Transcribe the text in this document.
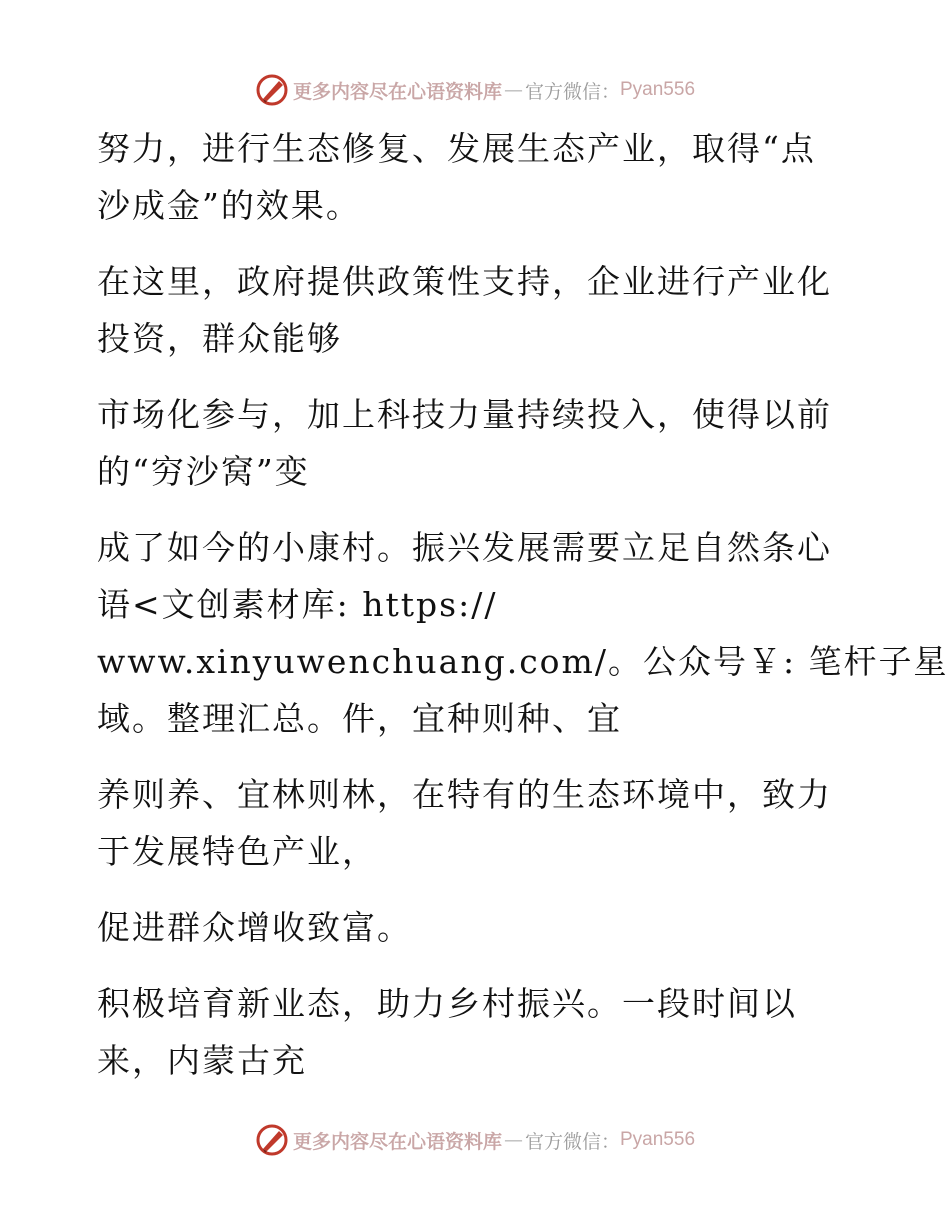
更多内容尽在心语资料库 — 官方微信： Pyan556

努力，进行生态修复、发展生态产业，取得“点
沙成金”的效果。

在这里，政府提供政策性支持，企业进行产业化
投资，群众能够

市场化参与，加上科技力量持续投入，使得以前
的“穷沙窝”变

成了如今的小康村。振兴发展需要立足自然条心
语<文创素材库: https://
www.xinyuwenchuang.com/。公众号￥: 笔杆子星
域。整理汇总。件，宜种则种、宜

养则养、宜林则林，在特有的生态环境中，致力
于发展特色产业，

促进群众增收致富。

积极培育新业态，助力乡村振兴。一段时间以
来，内蒙古充

更多内容尽在心语资料库 — 官方微信： Pyan556
